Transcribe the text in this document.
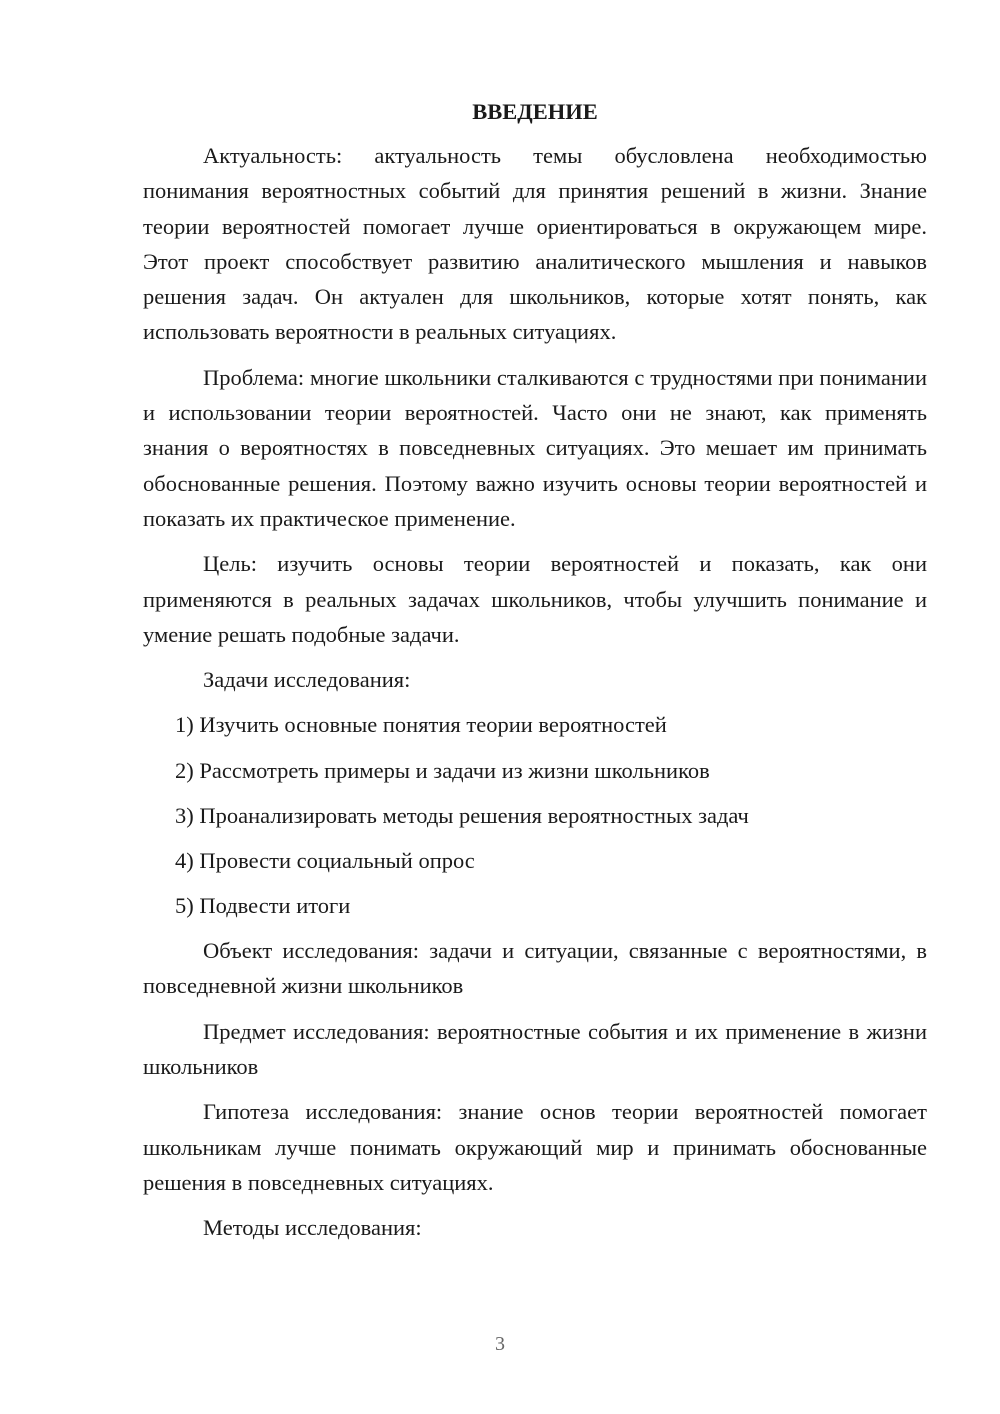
ВВЕДЕНИЕ

Актуальность: актуальность темы обусловлена необходимостью понимания вероятностных событий для принятия решений в жизни. Знание теории вероятностей помогает лучше ориентироваться в окружающем мире. Этот проект способствует развитию аналитического мышления и навыков решения задач. Он актуален для школьников, которые хотят понять, как использовать вероятности в реальных ситуациях.

Проблема: многие школьники сталкиваются с трудностями при понимании и использовании теории вероятностей. Часто они не знают, как применять знания о вероятностях в повседневных ситуациях. Это мешает им принимать обоснованные решения. Поэтому важно изучить основы теории вероятностей и показать их практическое применение.

Цель: изучить основы теории вероятностей и показать, как они применяются в реальных задачах школьников, чтобы улучшить понимание и умение решать подобные задачи.

Задачи исследования:

1) Изучить основные понятия теории вероятностей
2) Рассмотреть примеры и задачи из жизни школьников
3) Проанализировать методы решения вероятностных задач
4) Провести социальный опрос
5) Подвести итоги

Объект исследования: задачи и ситуации, связанные с вероятностями, в повседневной жизни школьников

Предмет исследования: вероятностные события и их применение в жизни школьников

Гипотеза исследования: знание основ теории вероятностей помогает школьникам лучше понимать окружающий мир и принимать обоснованные решения в повседневных ситуациях.

Методы исследования:

3
